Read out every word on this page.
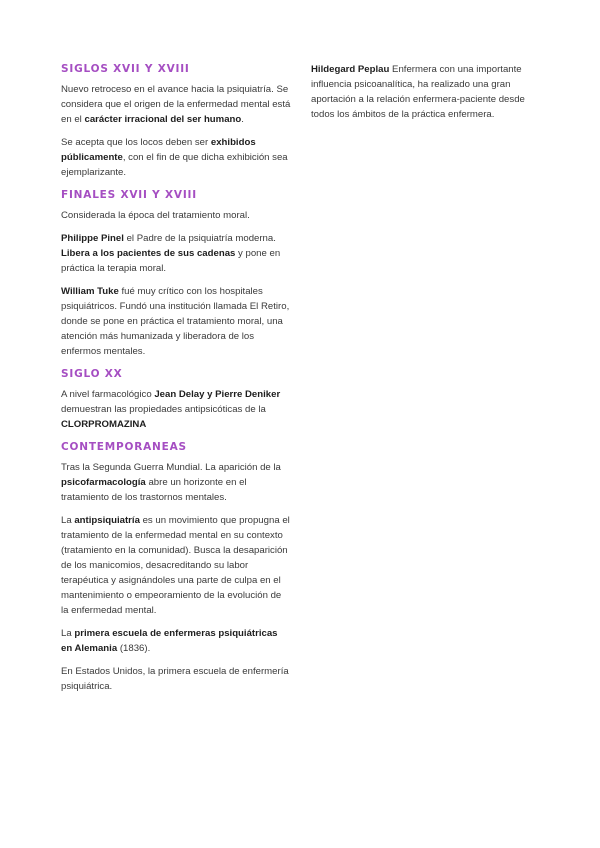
SIGLOS XVII Y XVIII

Nuevo retroceso en el avance hacia la psiquiatría. Se considera que el origen de la enfermedad mental está en el carácter irracional del ser humano.

Se acepta que los locos deben ser exhibidos públicamente, con el fin de que dicha exhibición sea ejemplarizante.

FINALES XVII Y XVIII

Considerada la época del tratamiento moral.

Philippe Pinel el Padre de la psiquiatría moderna. Libera a los pacientes de sus cadenas y pone en práctica la terapia moral.

William Tuke fué muy crítico con los hospitales psiquiátricos. Fundó una institución llamada El Retiro, donde se pone en práctica el tratamiento moral, una atención más humanizada y liberadora de los enfermos mentales.

SIGLO XX

A nivel farmacológico Jean Delay y Pierre Deniker demuestran las propiedades antipsicóticas de la CLORPROMAZINA

CONTEMPORANEAS

Tras la Segunda Guerra Mundial. La aparición de la psicofarmacología abre un horizonte en el tratamiento de los trastornos mentales.

La antipsiquiatría es un movimiento que propugna el tratamiento de la enfermedad mental en su contexto (tratamiento en la comunidad). Busca la desaparición de los manicomios, desacreditando su labor terapéutica y asignándoles una parte de culpa en el mantenimiento o empeoramiento de la evolución de la enfermedad mental.

La primera escuela de enfermeras psiquiátricas en Alemania (1836).

En Estados Unidos, la primera escuela de enfermería psiquiátrica.

Hildegard Peplau Enfermera con una importante influencia psicoanalítica, ha realizado una gran aportación a la relación enfermera-paciente desde todos los ámbitos de la práctica enfermera.
